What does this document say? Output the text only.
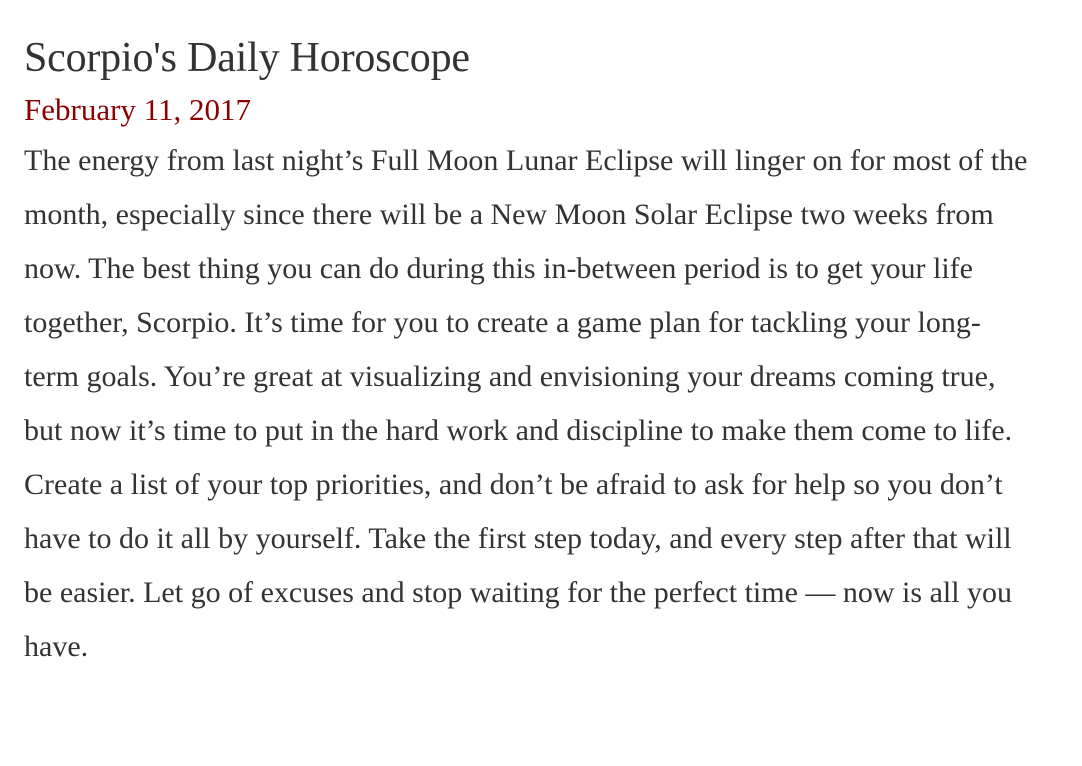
Scorpio's Daily Horoscope
February 11, 2017

The energy from last night’s Full Moon Lunar Eclipse will linger on for most of the month, especially since there will be a New Moon Solar Eclipse two weeks from now. The best thing you can do during this in-between period is to get your life together, Scorpio. It’s time for you to create a game plan for tackling your long-term goals. You’re great at visualizing and envisioning your dreams coming true, but now it’s time to put in the hard work and discipline to make them come to life. Create a list of your top priorities, and don’t be afraid to ask for help so you don’t have to do it all by yourself. Take the first step today, and every step after that will be easier. Let go of excuses and stop waiting for the perfect time — now is all you have.
